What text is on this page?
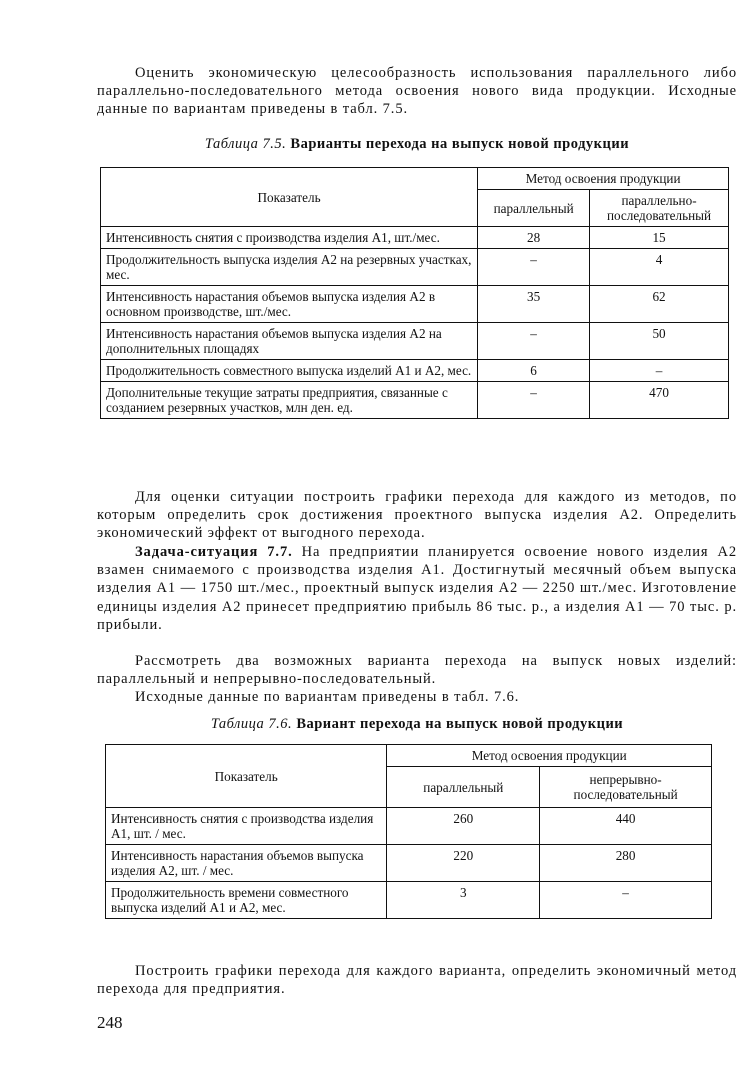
Оценить экономическую целесообразность использования параллельного либо параллельно-последовательного метода освоения нового вида продукции. Исходные данные по вариантам приведены в табл. 7.5.

Таблица 7.5. Варианты перехода на выпуск новой продукции
Показатель	Метод освоения продукции	
	параллельный	параллельно-последовательный
Интенсивность снятия с производства изделия А1, шт./мес.	28	15
Продолжительность выпуска изделия А2 на резервных участках, мес.	–	4
Интенсивность нарастания объемов выпуска изделия А2 в основном производстве, шт./мес.	35	62
Интенсивность нарастания объемов выпуска изделия А2 на дополнительных площадях	–	50
Продолжительность совместного выпуска изделий А1 и А2, мес.	6	–
Дополнительные текущие затраты предприятия, связанные с созданием резервных участков, млн ден. ед.	–	470

Для оценки ситуации построить графики перехода для каждого из методов, по которым определить срок достижения проектного выпуска изделия А2. Определить экономический эффект от выгодного перехода.

Задача-ситуация 7.7. На предприятии планируется освоение нового изделия А2 взамен снимаемого с производства изделия А1. Достигнутый месячный объем выпуска изделия А1 — 1750 шт./мес., проектный выпуск изделия А2 — 2250 шт./мес. Изготовление единицы изделия А2 принесет предприятию прибыль 86 тыс. р., а изделия А1 — 70 тыс. р. прибыли.

Рассмотреть два возможных варианта перехода на выпуск новых изделий: параллельный и непрерывно-последовательный.

Исходные данные по вариантам приведены в табл. 7.6.

Таблица 7.6. Вариант перехода на выпуск новой продукции
Показатель	Метод освоения продукции	
	параллельный	непрерывно-последовательный
Интенсивность снятия с производства изделия А1, шт. / мес.	260	440
Интенсивность нарастания объемов выпуска изделия А2, шт. / мес.	220	280
Продолжительность времени совместного выпуска изделий А1 и А2, мес.	3	–

Построить графики перехода для каждого варианта, определить экономичный метод перехода для предприятия.

248
